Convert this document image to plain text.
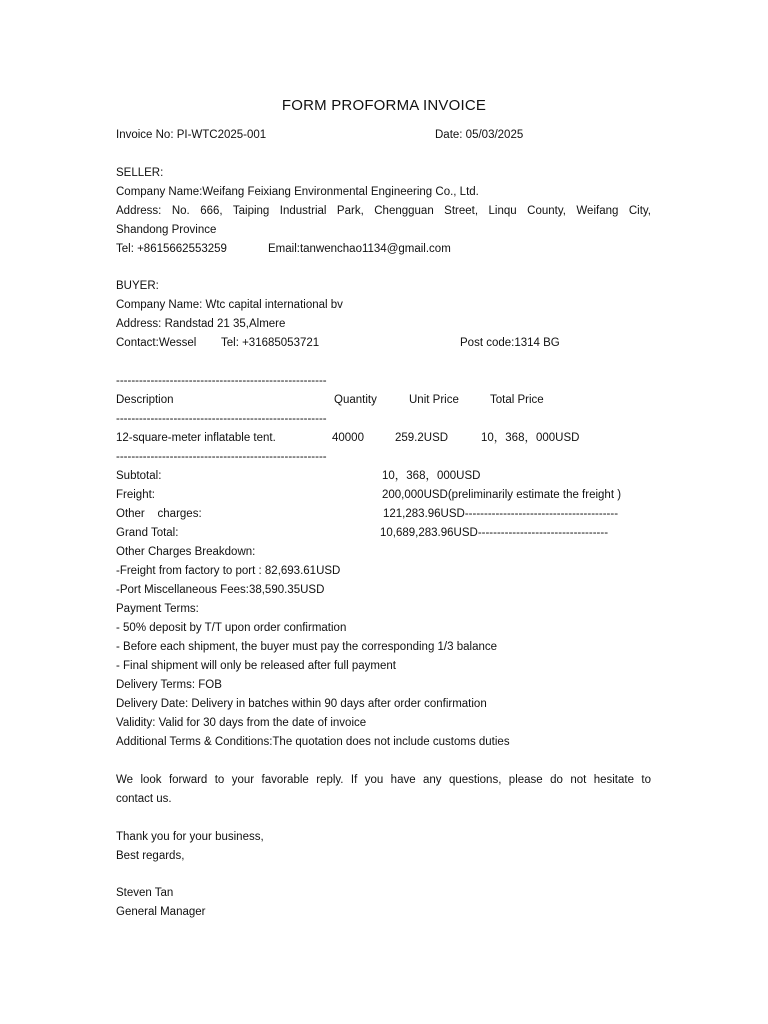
FORM PROFORMA INVOICE
Invoice No: PI-WTC2025-001	Date: 05/03/2025
SELLER:
Company Name:Weifang Feixiang Environmental Engineering Co., Ltd.
Address: No. 666, Taiping Industrial Park, Chengguan Street, Linqu County, Weifang City,
Shandong Province
Tel: +8615662553259	Email:tanwenchao1134@gmail.com
BUYER:
Company Name: Wtc capital international bv
Address: Randstad 21 35,Almere
Contact:Wessel Tel: +31685053721	Post code:1314 BG
-------------------------------------------------------
Description	Quantity	Unit Price	Total Price
-------------------------------------------------------
12-square-meter inflatable tent.	40000	259.2USD	10，368，000USD
-------------------------------------------------------
Subtotal:	10，368，000USD
Freight:	200,000USD(preliminarily estimate the freight )
Other    charges:	121,283.96USD----------------------------------------
Grand Total:	10,689,283.96USD----------------------------------
Other Charges Breakdown:
-Freight from factory to port : 82,693.61USD
-Port Miscellaneous Fees:38,590.35USD
Payment Terms:
- 50% deposit by T/T upon order confirmation
- Before each shipment, the buyer must pay the corresponding 1/3 balance
- Final shipment will only be released after full payment
Delivery Terms: FOB
Delivery Date: Delivery in batches within 90 days after order confirmation
Validity: Valid for 30 days from the date of invoice
Additional Terms & Conditions:The quotation does not include customs duties
We look forward to your favorable reply. If you have any questions, please do not hesitate to
contact us.
Thank you for your business,
Best regards,
Steven Tan
General Manager
